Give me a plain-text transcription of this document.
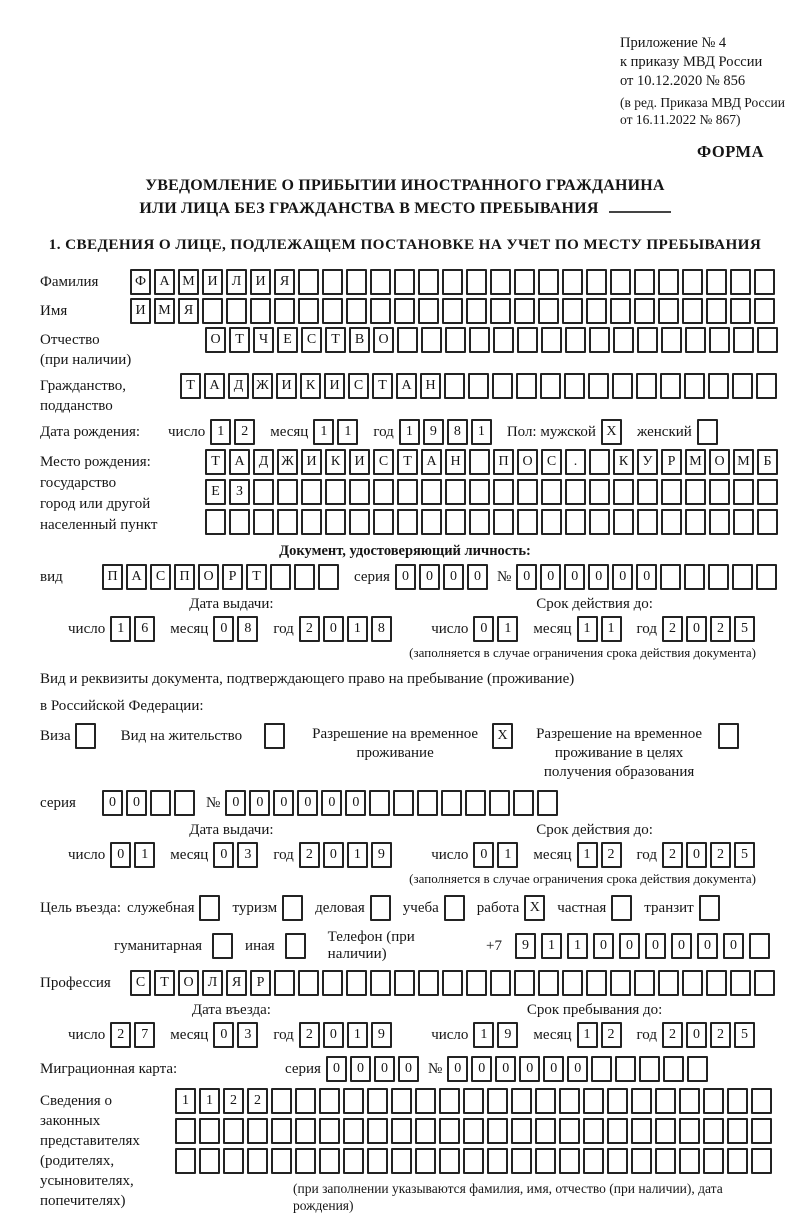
Приложение № 4
к приказу МВД России
от 10.12.2020 № 856
(в ред. Приказа МВД России
от 16.11.2022 № 867)
ФОРМА
УВЕДОМЛЕНИЕ О ПРИБЫТИИ ИНОСТРАННОГО ГРАЖДАНИНА
ИЛИ ЛИЦА БЕЗ ГРАЖДАНСТВА В МЕСТО ПРЕБЫВАНИЯ
1. СВЕДЕНИЯ О ЛИЦЕ, ПОДЛЕЖАЩЕМ ПОСТАНОВКЕ НА УЧЕТ ПО МЕСТУ ПРЕБЫВАНИЯ
Фамилия	Ф А М И	Л	И	Я
Имя	И М Я
Отчество
(при наличии)
О	Т	Ч	Е	С	Т	В	О
Гражданство,
подданство
Т	А	Д Ж И	К	И	С	Т	А Н
Дата рождения:	число 1	2	месяц 1	1	год 1	9	8	1	Пол: мужской X	женский
Место рождения:
государство
город или другой
населенный пункт
Т	А	Д Ж И	К	И	С	Т	А Н	П О	С	.	К	У	Р М О М Б
Е	З
Документ, удостоверяющий личность:
вид	П А	С	П О	Р	Т	серия 0	0	0	0	№ 0	0	0	0	0	0
Дата выдачи:
число 1	6	месяц 0	8	год 2	0	1	8
Срок действия до:
число 0	1	месяц 1	1	год 2	0	2	5
(заполняется в случае ограничения срока действия документа)
Вид и реквизиты документа, подтверждающего право на пребывание (проживание)
в Российской Федерации:
Виза	Вид на жительство	Разрешение на временное
проживание
X	Разрешение на временное
проживание в целях
получения образования
серия	0	0	№ 0	0	0	0	0	0
Дата выдачи:
число 0	1	месяц 0	3	год 2	0	1	9
Срок действия до:
число 0	1	месяц 1	2	год 2	0	2	5
(заполняется в случае ограничения срока действия документа)
Цель въезда: служебная	туризм	деловая	учеба	работа X	частная	транзит
гуманитарная	иная
Телефон (при наличии)
+7	9	1	1	0	0	0	0	0	0
Профессия	С	Т	О	Л	Я	Р
Дата въезда:
число 2	7	месяц 0	3	год 2	0	1	9
Срок пребывания до:
число 1	9	месяц 1	2	год 2	0	2	5
Миграционная карта:	серия 0	0	0	0	№ 0	0	0	0	0	0
Сведения о
законных
представителях
(родителях,
усыновителях,
попечителях)
1	1	2	2
(при заполнении указываются фамилия, имя, отчество (при наличии), дата рождения)
